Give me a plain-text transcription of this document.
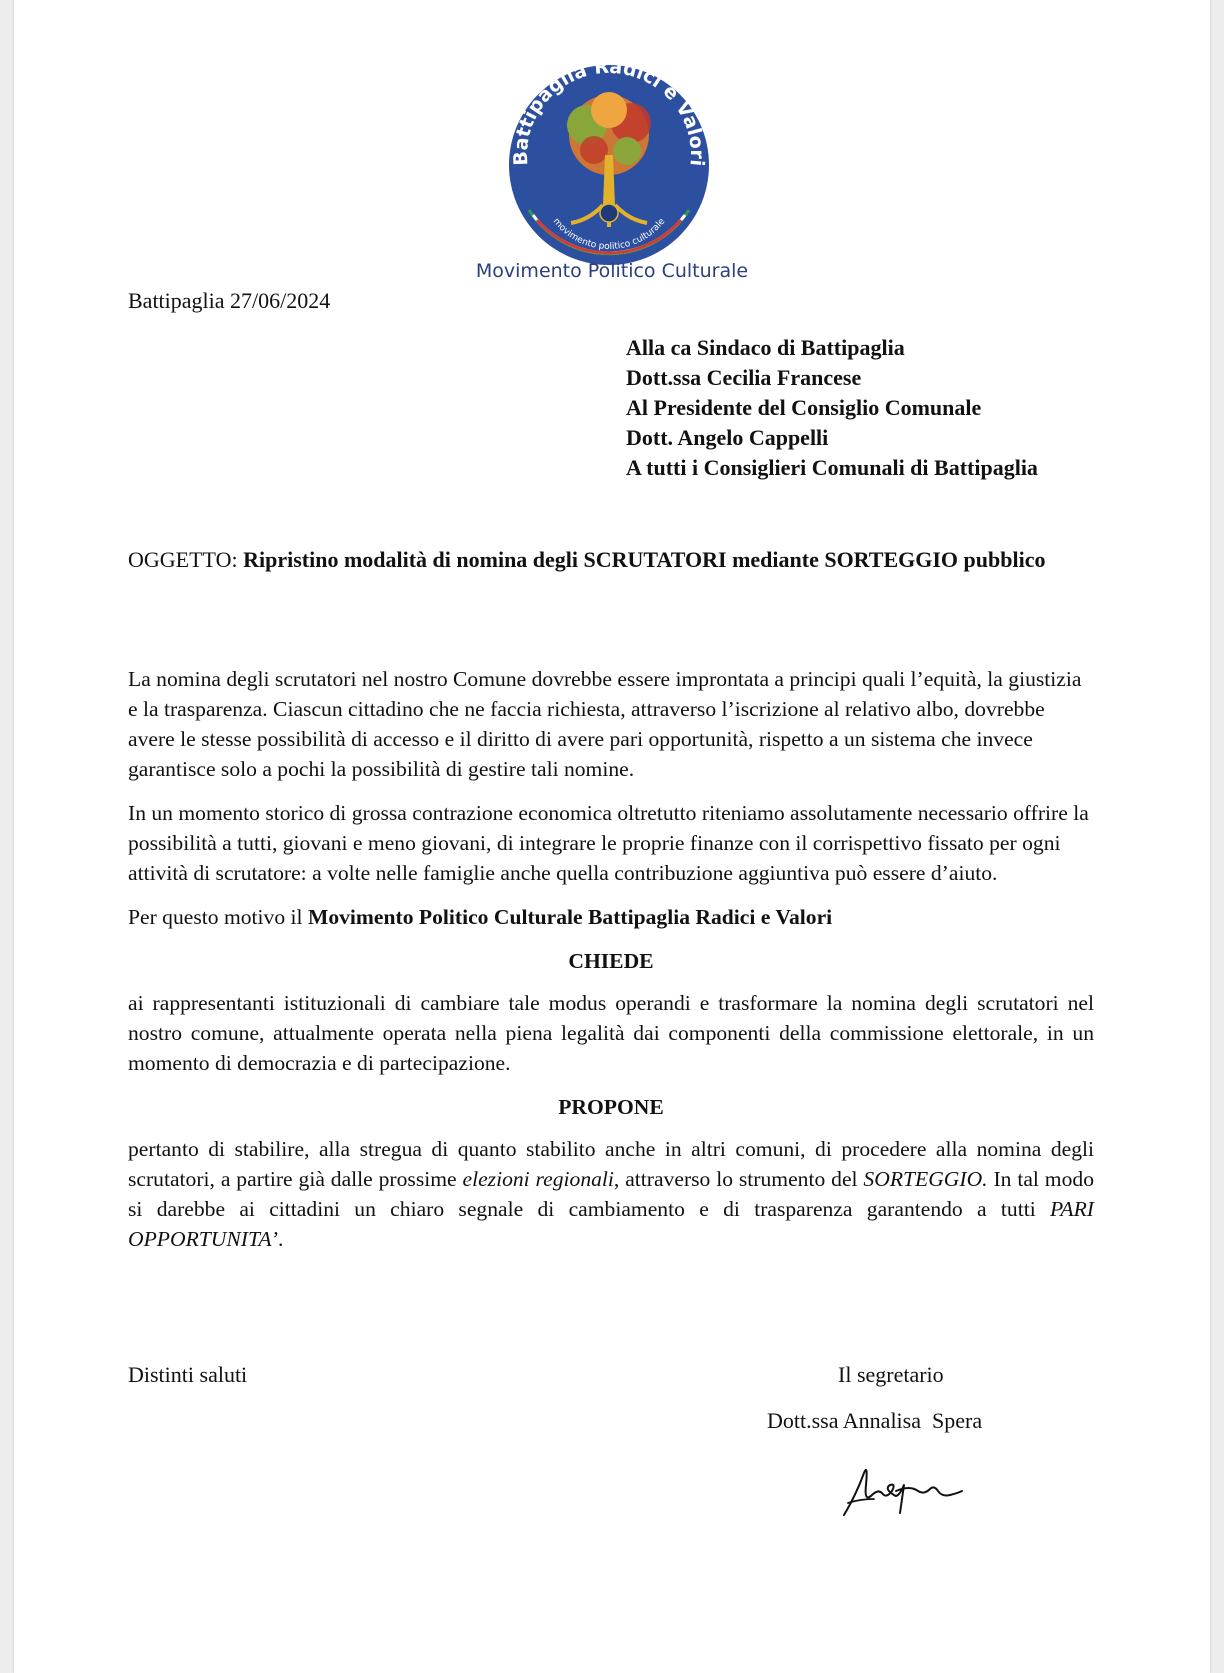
Battipaglia Radici e Valori
movimento politico culturale
Movimento Politico Culturale
Battipaglia 27/06/2024
Alla ca Sindaco di Battipaglia
Dott.ssa Cecilia Francese
Al Presidente del Consiglio Comunale
Dott. Angelo Cappelli
A tutti i Consiglieri Comunali di Battipaglia
OGGETTO: Ripristino modalità di nomina degli SCRUTATORI mediante SORTEGGIO pubblico

La nomina degli scrutatori nel nostro Comune dovrebbe essere improntata a principi quali l’equità, la giustizia e la trasparenza. Ciascun cittadino che ne faccia richiesta, attraverso l’iscrizione al relativo albo, dovrebbe avere le stesse possibilità di accesso e il diritto di avere pari opportunità, rispetto a un sistema che invece garantisce solo a pochi la possibilità di gestire tali nomine.

In un momento storico di grossa contrazione economica oltretutto riteniamo assolutamente necessario offrire la possibilità a tutti, giovani e meno giovani, di integrare le proprie finanze con il corrispettivo fissato per ogni attività di scrutatore: a volte nelle famiglie anche quella contribuzione aggiuntiva può essere d’aiuto.

Per questo motivo il Movimento Politico Culturale Battipaglia Radici e Valori

CHIEDE

ai rappresentanti istituzionali di cambiare tale modus operandi e trasformare la nomina degli scrutatori nel nostro comune, attualmente operata nella piena legalità dai componenti della commissione elettorale, in un momento di democrazia e di partecipazione.

PROPONE

pertanto di stabilire, alla stregua di quanto stabilito anche in altri comuni, di procedere alla nomina degli scrutatori, a partire già dalle prossime elezioni regionali, attraverso lo strumento del SORTEGGIO. In tal modo si darebbe ai cittadini un chiaro segnale di cambiamento e di trasparenza garantendo a tutti PARI OPPORTUNITA’.

Distinti saluti	Il segretario
Dott.ssa Annalisa  Spera
